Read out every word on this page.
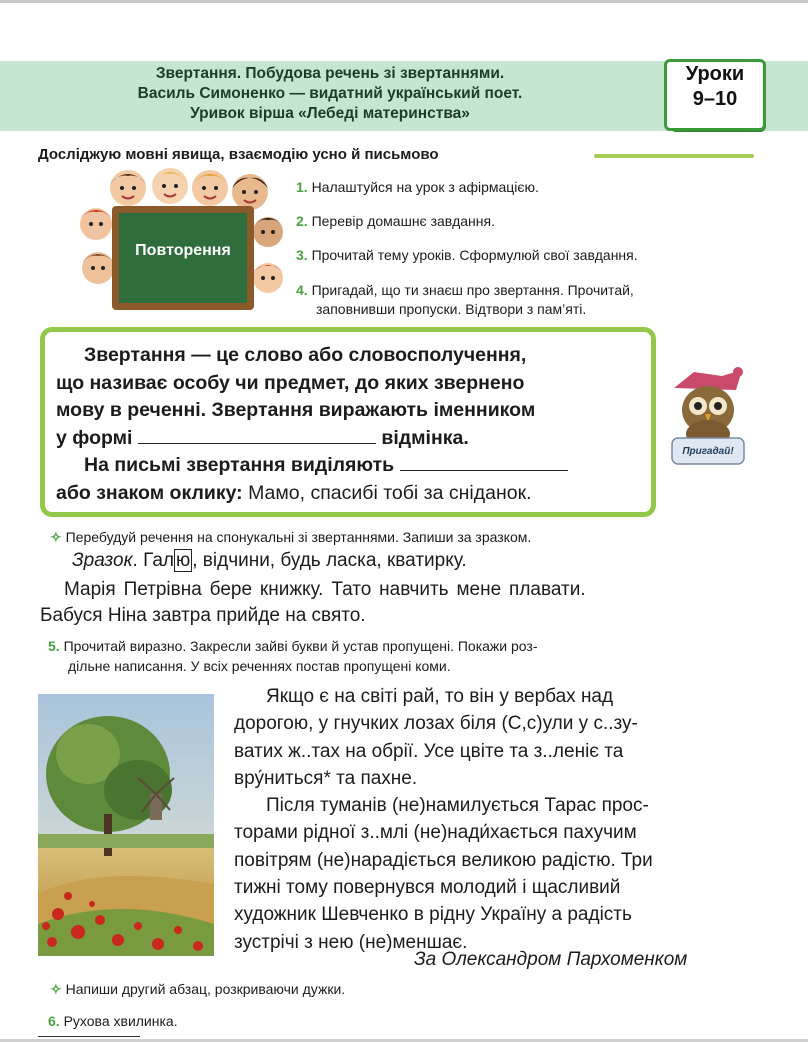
Звертання. Побудова речень зі звертаннями.
Василь Симоненко — видатний український поет.
Уривок вірша «Лебеді материнства»
Уроки
9–10
Досліджую мовні явища, взаємодію усно й письмово
Повторення
1. Налаштуйся на урок з афірмацією.
2. Перевір домашнє завдання.
3. Прочитай тему уроків. Сформулюй свої завдання.
4. Пригадай, що ти знаєш про звертання. Прочитай,
заповнивши пропуски. Відтвори з пам’яті.
Звертання — це слово або словосполучення,
що називає особу чи предмет, до яких звернено
мову в реченні. Звертання виражають іменником
у формі	відмінка.
На письмі звертання виділяють
або знаком оклику: Мамо, спасибі тобі за сніданок.
Пригадай!
✧ Перебудуй речення на спонукальні зі звертаннями. Запиши за зразком.
Зразок. Гал ю , відчини, будь ласка, кватирку.
Марія Петрівна бере книжку. Тато навчить мене плавати.
Бабуся Ніна завтра прийде на свято.
5. Прочитай виразно. Закресли зайві букви й устав пропущені. Покажи роз-
дільне написання. У всіх реченнях постав пропущені коми.
Якщо є на світі рай, то він у вербах над
дорогою, у гнучких лозах біля (С,с)ули у с..зу-
ватих ж..тах на обрії. Усе цвіте та з..леніє та
вру́ниться* та пахне.
Після туманів (не)намилується Тарас прос-
торами рідної з..млі (не)нади́хається пахучим
повітрям (не)нарадіється великою радістю. Три
тижні тому повернувся молодий і щасливий
художник Шевченко в рідну Україну а радість
зустрічі з нею (не)меншає.
За Олександром Пархоменком
✧ Напиши другий абзац, розкриваючи дужки.
6. Рухова хвилинка.
